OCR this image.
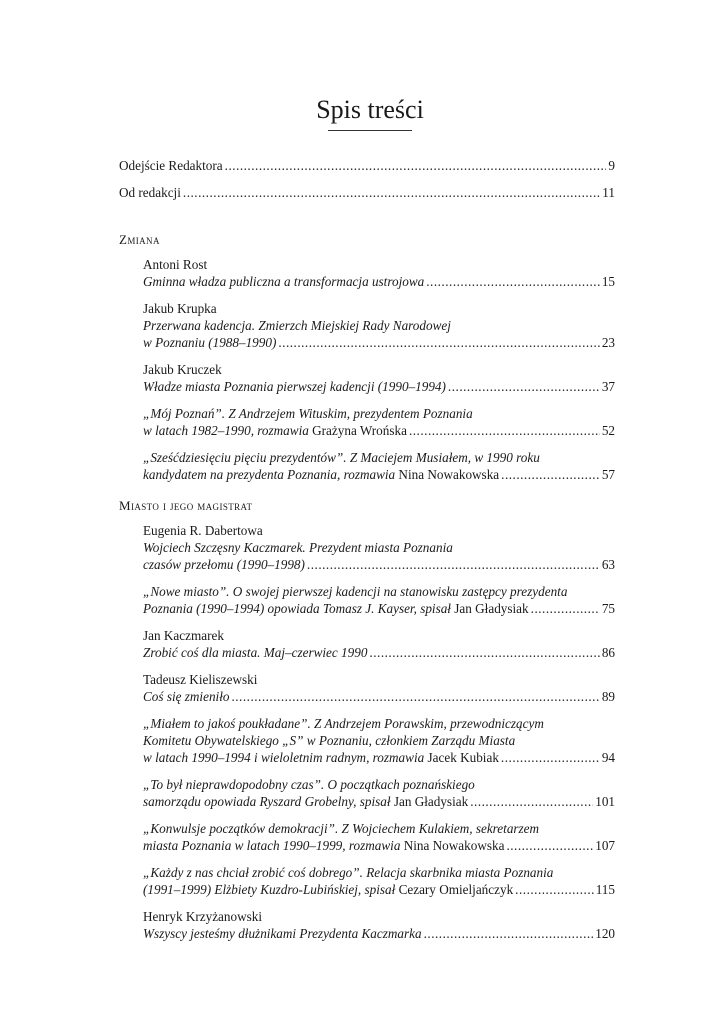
Spis treści
Odejście Redaktora .....	9
Od redakcji .....	11
Zmiana
Antoni Rost
Gminna władza publiczna a transformacja ustrojowa .....	15
Jakub Krupka
Przerwana kadencja. Zmierzch Miejskiej Rady Narodowej
w Poznaniu (1988–1990) .....	23
Jakub Kruczek
Władze miasta Poznania pierwszej kadencji (1990–1994) .....	37
„Mój Poznań”. Z Andrzejem Wituskim, prezydentem Poznania
w latach 1982–1990, rozmawia Grażyna Wrońska .....	52
„Sześćdziesięciu pięciu prezydentów”. Z Maciejem Musiałem, w 1990 roku
kandydatem na prezydenta Poznania, rozmawia Nina Nowakowska .....	57
Miasto i jego magistrat
Eugenia R. Dabertowa
Wojciech Szczęsny Kaczmarek. Prezydent miasta Poznania
czasów przełomu (1990–1998) .....	63
„Nowe miasto”. O swojej pierwszej kadencji na stanowisku zastępcy prezydenta
Poznania (1990–1994) opowiada Tomasz J. Kayser, spisał Jan Gładysiak .....	75
Jan Kaczmarek
Zrobić coś dla miasta. Maj–czerwiec 1990 .....	86
Tadeusz Kieliszewski
Coś się zmieniło .....	89
„Miałem to jakoś poukładane”. Z Andrzejem Porawskim, przewodniczącym
Komitetu Obywatelskiego „S” w Poznaniu, członkiem Zarządu Miasta
w latach 1990–1994 i wieloletnim radnym, rozmawia Jacek Kubiak .....	94
„To był nieprawdopodobny czas”. O początkach poznańskiego
samorządu opowiada Ryszard Grobelny, spisał Jan Gładysiak .....	101
„Konwulsje początków demokracji”. Z Wojciechem Kulakiem, sekretarzem
miasta Poznania w latach 1990–1999, rozmawia Nina Nowakowska .....	107
„Każdy z nas chciał zrobić coś dobrego”. Relacja skarbnika miasta Poznania
(1991–1999) Elżbiety Kuzdro-Lubińskiej, spisał Cezary Omieljańczyk .....	115
Henryk Krzyżanowski
Wszyscy jesteśmy dłużnikami Prezydenta Kaczmarka .....	120
